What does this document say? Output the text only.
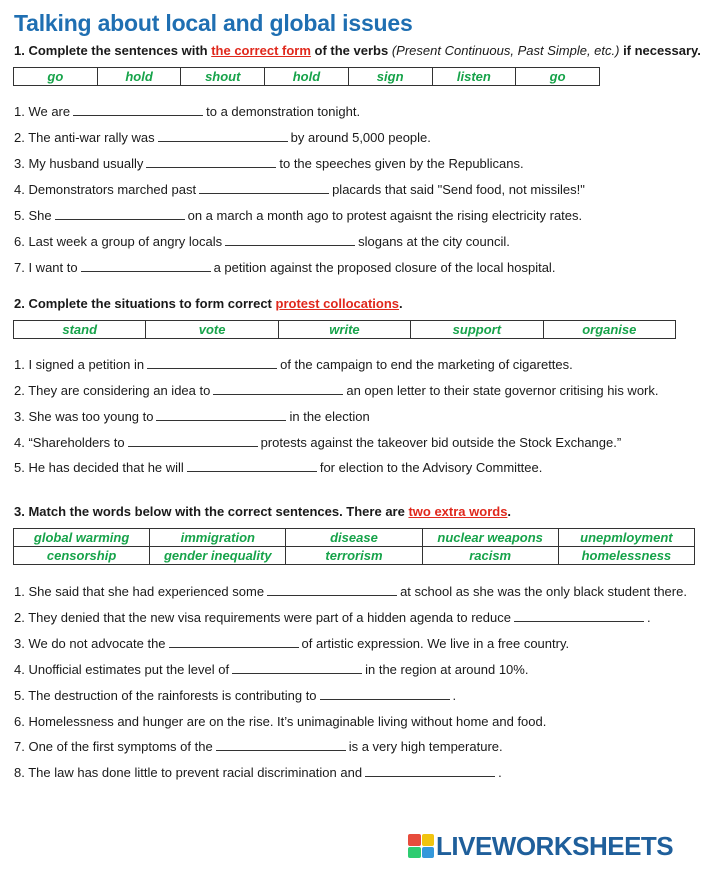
Talking about local and global issues
1. Complete the sentences with the correct form of the verbs (Present Continuous, Past Simple, etc.) if necessary.
go	hold	shout	hold	sign	listen	go
1. We are	to a demonstration tonight.
2. The anti-war rally was	by around 5,000 people.
3. My husband usually	to the speeches given by the Republicans.
4. Demonstrators marched past	placards that said "Send food, not missiles!"
5. She	on a march a month ago to protest agaisnt the rising electricity rates.
6. Last week a group of angry locals	slogans at the city council.
7. I want to	a petition against the proposed closure of the local hospital.
2. Complete the situations to form correct protest collocations.
stand	vote	write	support	organise
1. I signed a petition in	of the campaign to end the marketing of cigarettes.
2. They are considering an idea to	an open letter to their state governor critising his work.
3. She was too young to	in the election
4. “Shareholders to	protests against the takeover bid outside the Stock Exchange.”
5. He has decided that he will	for election to the Advisory Committee.
3. Match the words below with the correct sentences. There are two extra words.
global warming	immigration	disease	nuclear weapons	unepmloyment
censorship	gender inequality	terrorism	racism	homelessness
1. She said that she had experienced some	at school as she was the only black student there.
2. They denied that the new visa requirements were part of a hidden agenda to reduce	.
3. We do not advocate the	of artistic expression. We live in a free country.
4. Unofficial estimates put the level of	in the region at around 10%.
5. The destruction of the rainforests is contributing to	.
6. Homelessness and hunger are on the rise. It’s unimaginable living without home and food.
7. One of the first symptoms of the	is a very high temperature.
8. The law has done little to prevent racial discrimination and	.
LIVEWORKSHEETS
